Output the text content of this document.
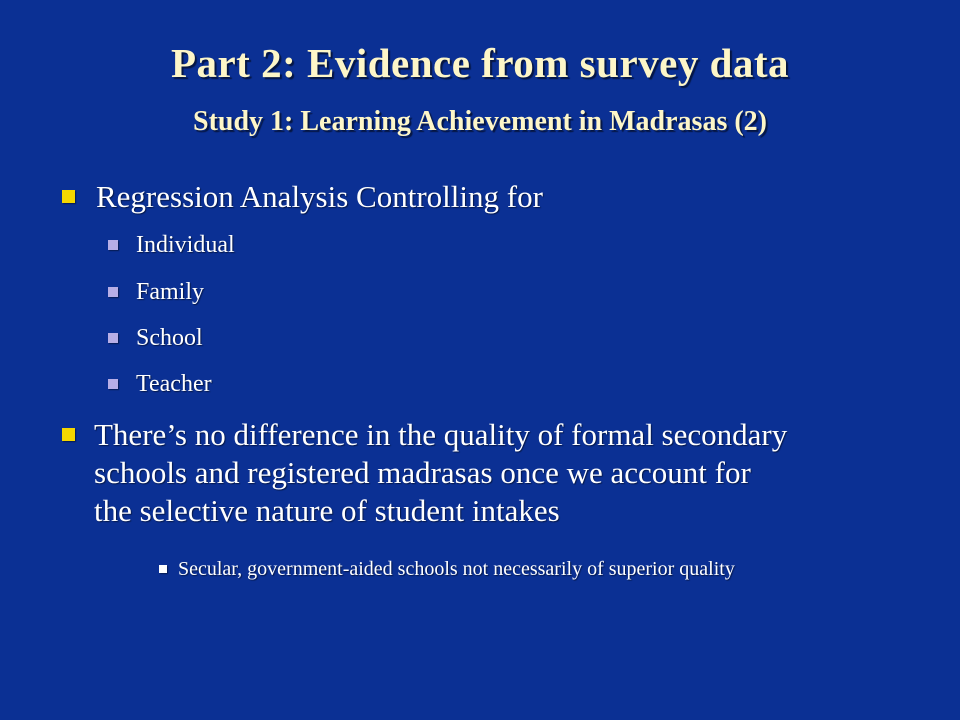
Part 2: Evidence from survey data
Study 1: Learning Achievement in Madrasas (2)
Regression Analysis Controlling for
Individual
Family
School
Teacher
There’s no difference in the quality of formal secondary
schools and registered madrasas once we account for
the selective nature of student intakes
Secular, government-aided schools not necessarily of superior quality
